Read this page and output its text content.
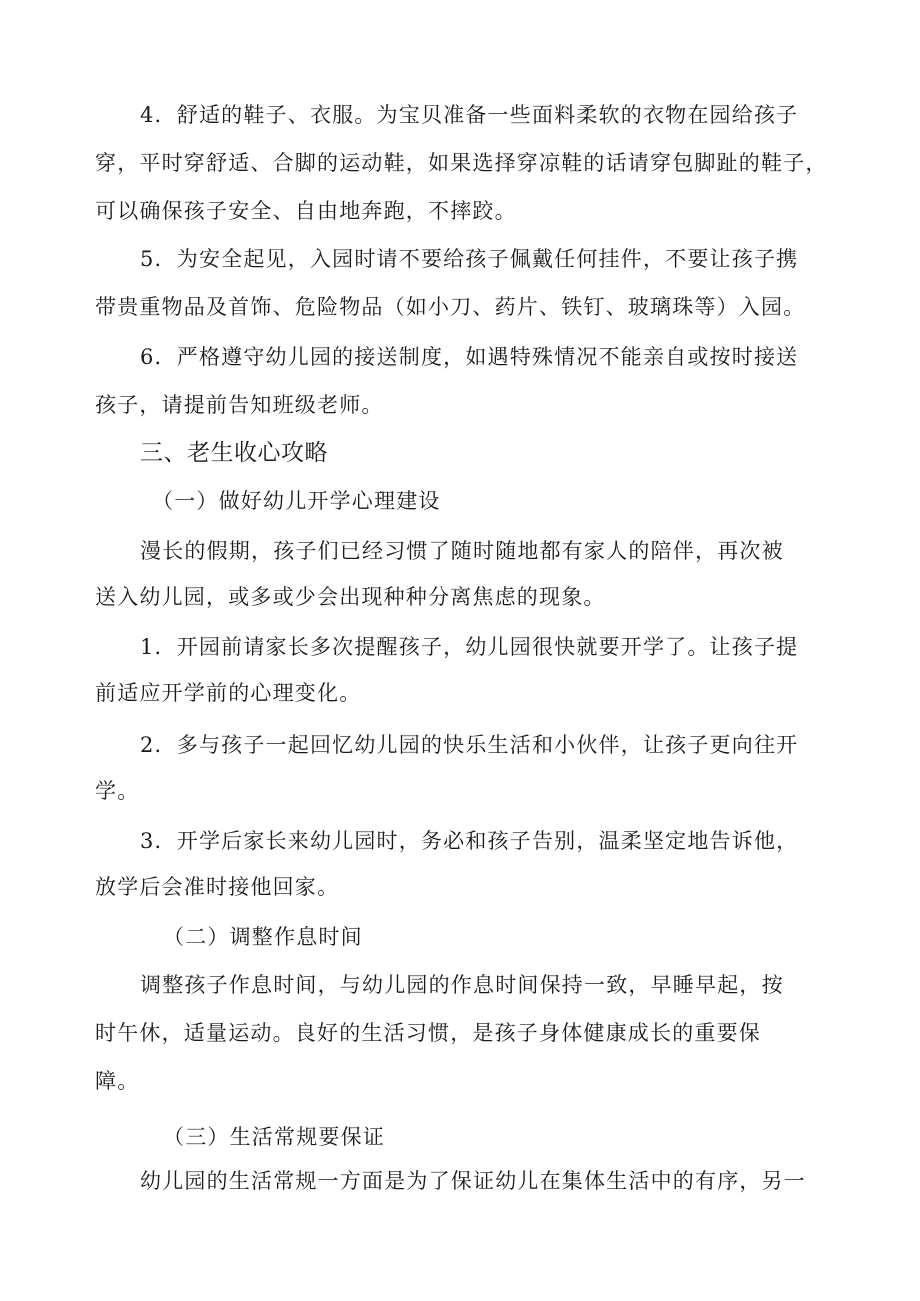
4．舒适的鞋子、衣服。为宝贝准备一些面料柔软的衣物在园给孩子
穿，平时穿舒适、合脚的运动鞋，如果选择穿凉鞋的话请穿包脚趾的鞋子，
可以确保孩子安全、自由地奔跑，不摔跤。
5．为安全起见，入园时请不要给孩子佩戴任何挂件，不要让孩子携
带贵重物品及首饰、危险物品（如小刀、药片、铁钉、玻璃珠等）入园。
6．严格遵守幼儿园的接送制度，如遇特殊情况不能亲自或按时接送
孩子，请提前告知班级老师。
三、老生收心攻略
（一）做好幼儿开学心理建设
漫长的假期，孩子们已经习惯了随时随地都有家人的陪伴，再次被
送入幼儿园，或多或少会出现种种分离焦虑的现象。
1．开园前请家长多次提醒孩子，幼儿园很快就要开学了。让孩子提
前适应开学前的心理变化。
2．多与孩子一起回忆幼儿园的快乐生活和小伙伴，让孩子更向往开
学。
3．开学后家长来幼儿园时，务必和孩子告别，温柔坚定地告诉他，
放学后会准时接他回家。
（二）调整作息时间
调整孩子作息时间，与幼儿园的作息时间保持一致，早睡早起，按
时午休，适量运动。良好的生活习惯，是孩子身体健康成长的重要保
障。
（三）生活常规要保证
幼儿园的生活常规一方面是为了保证幼儿在集体生活中的有序，另一
